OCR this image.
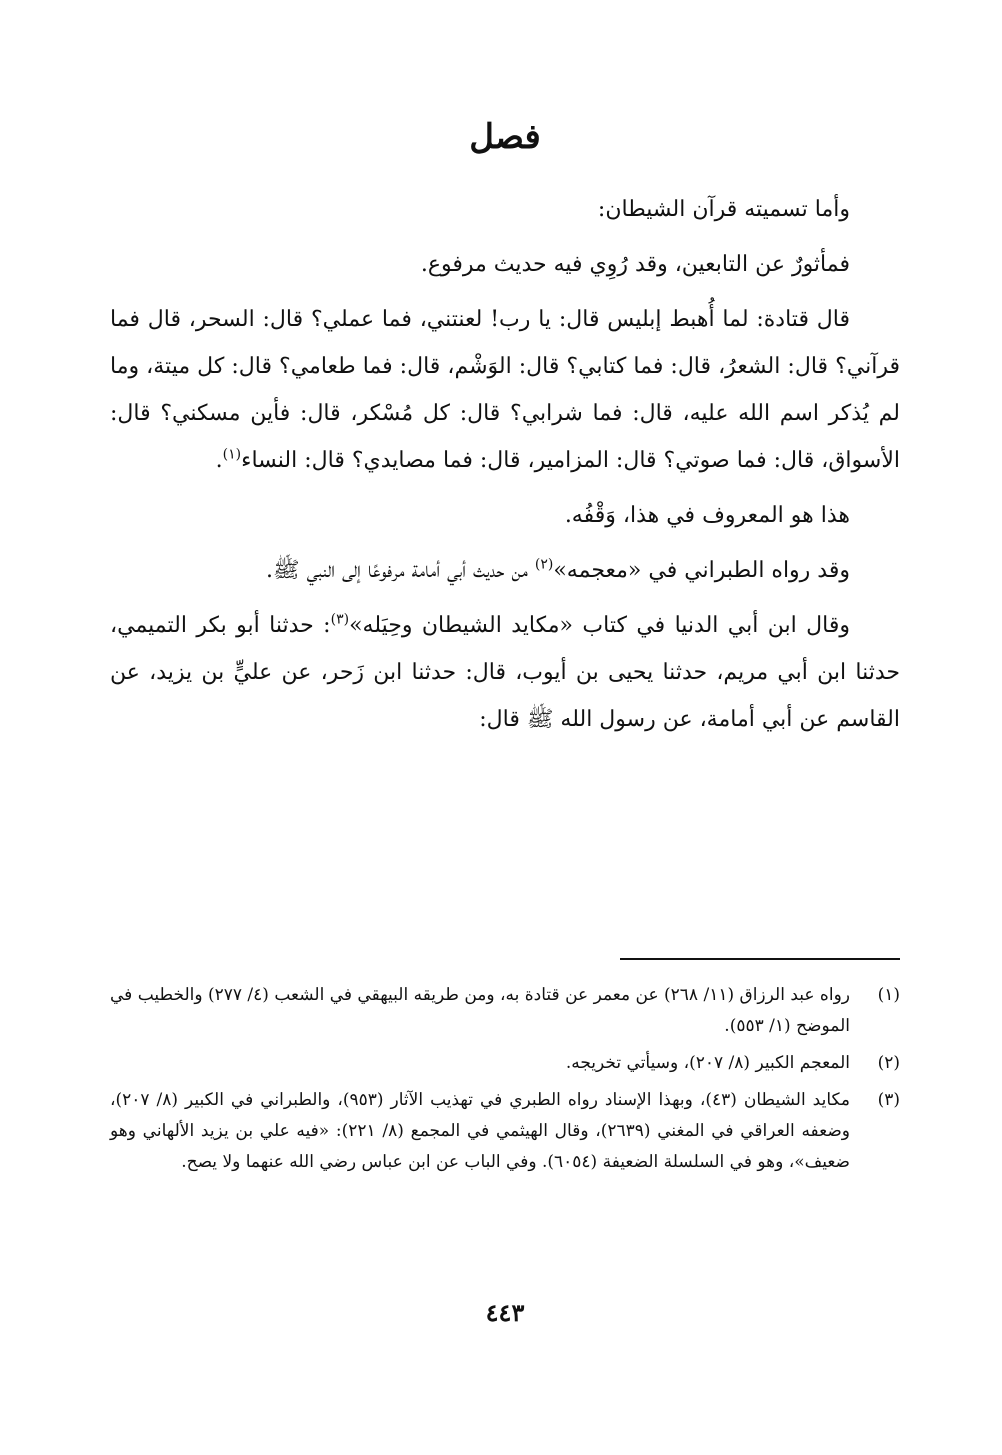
فصل

وأما تسميته قرآن الشيطان:

فمأثورٌ عن التابعين، وقد رُوِي فيه حديث مرفوع.

قال قتادة: لما أُهبط إبليس قال: يا رب! لعنتني، فما عملي؟ قال: السحر، قال فما قرآني؟ قال: الشعرُ، قال: فما كتابي؟ قال: الوَشْم، قال: فما طعامي؟ قال: كل ميتة، وما لم يُذكر اسم الله عليه، قال: فما شرابي؟ قال: كل مُسْكر، قال: فأين مسكني؟ قال: الأسواق، قال: فما صوتي؟ قال: المزامير، قال: فما مصايدي؟ قال: النساء$^{(١)}$.

هذا هو المعروف في هذا، وَقْفُه.

وقد رواه الطبراني في «معجمه»$^{(٢)}$ من حديث أبي أمامة مرفوعًا إلى النبي ﷺ.

وقال ابن أبي الدنيا في كتاب «مكايد الشيطان وحِيَله»$^{(٣)}$: حدثنا أبو بكر التميمي، حدثنا ابن أبي مريم، حدثنا يحيى بن أيوب، قال: حدثنا ابن زَحر، عن عليٍّ بن يزيد، عن القاسم عن أبي أمامة، عن رسول الله ﷺ قال:

(١)
رواه عبد الرزاق (١١/ ٢٦٨) عن معمر عن قتادة به، ومن طريقه البيهقي في الشعب (٤/ ٢٧٧) والخطيب في الموضح (١/ ٥٥٣).
(٢)
المعجم الكبير (٨/ ٢٠٧)، وسيأتي تخريجه.
(٣)
مكايد الشيطان (٤٣)، وبهذا الإسناد رواه الطبري في تهذيب الآثار (٩٥٣)، والطبراني في الكبير (٨/ ٢٠٧)، وضعفه العراقي في المغني (٢٦٣٩)، وقال الهيثمي في المجمع (٨/ ٢٢١): «فيه علي بن يزيد الألهاني وهو ضعيف»، وهو في السلسلة الضعيفة (٦٠٥٤). وفي الباب عن ابن عباس رضي الله عنهما ولا يصح.
٤٤٣
